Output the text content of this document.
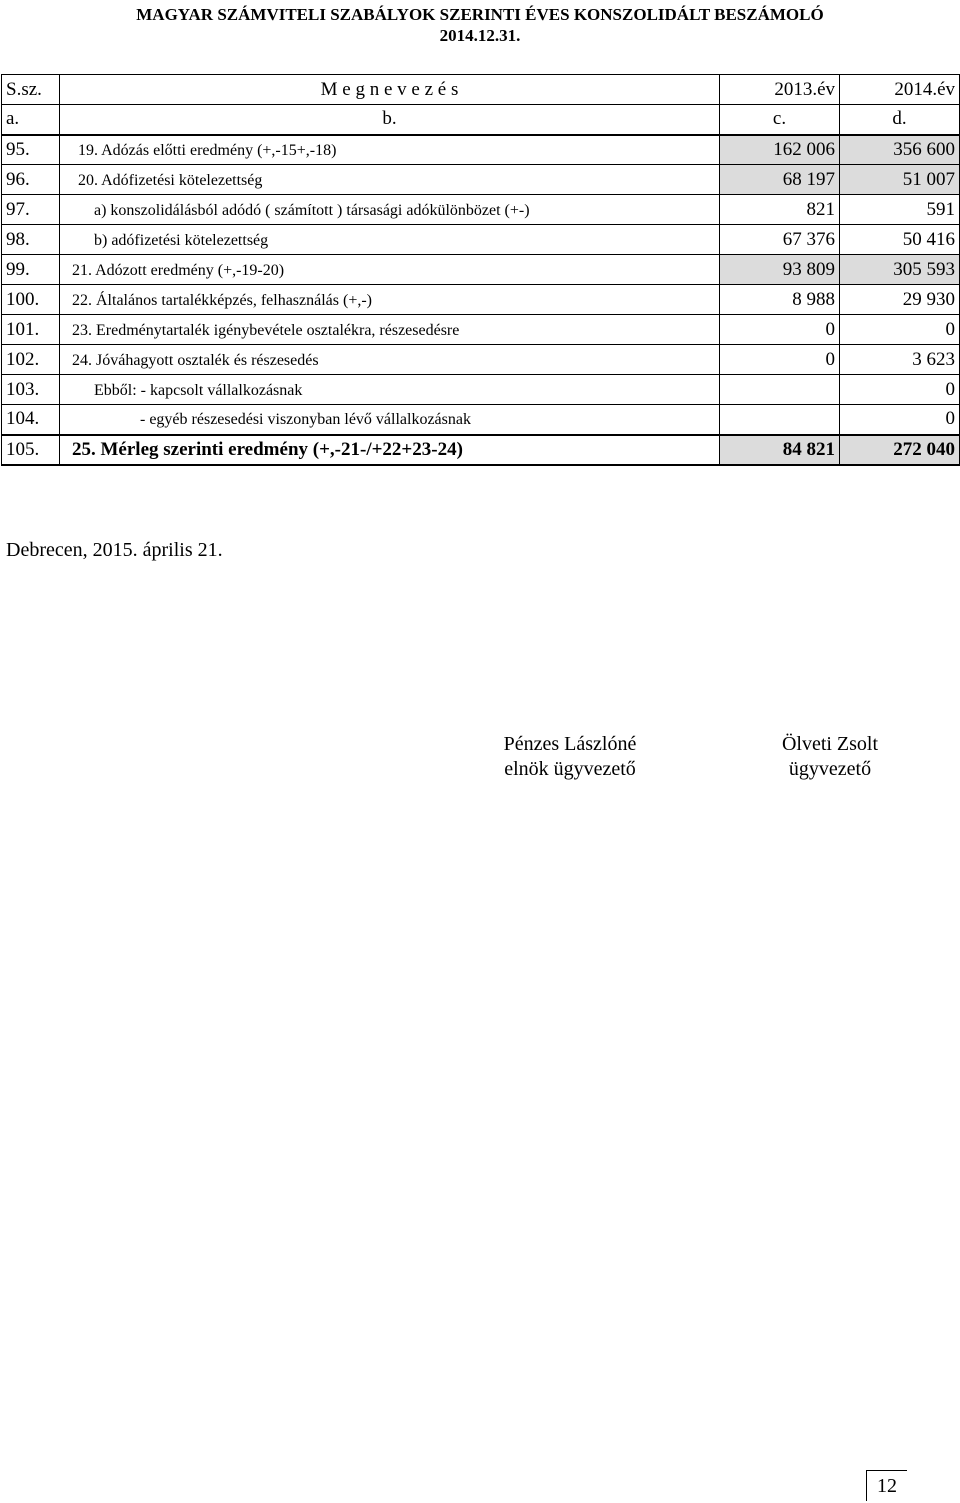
MAGYAR SZÁMVITELI SZABÁLYOK SZERINTI ÉVES KONSZOLIDÁLT BESZÁMOLÓ
2014.12.31.
S.sz.	M e g n e v e z é s	2013.év	2014.év
a.	b.	c.	d.
95.	19. Adózás előtti eredmény (+,-15+,-18)	162 006	356 600
96.	20. Adófizetési kötelezettség	68 197	51 007
97.	a) konszolidálásból adódó ( számított ) társasági adókülönbözet (+-)	821	591
98.	b) adófizetési kötelezettség	67 376	50 416
99.	21. Adózott eredmény (+,-19-20)	93 809	305 593
100.	22. Általános tartalékképzés, felhasználás (+,-)	8 988	29 930
101.	23. Eredménytartalék igénybevétele osztalékra, részesedésre	0	0
102.	24. Jóváhagyott osztalék és részesedés	0	3 623
103.	Ebből: - kapcsolt vállalkozásnak		0
104.	- egyéb részesedési viszonyban lévő vállalkozásnak		0
105.	25. Mérleg szerinti eredmény (+,-21-/+22+23-24)	84 821	272 040
Debrecen, 2015. április 21.
Pénzes Lászlóné
elnök ügyvezető
Ölveti Zsolt
ügyvezető
12
